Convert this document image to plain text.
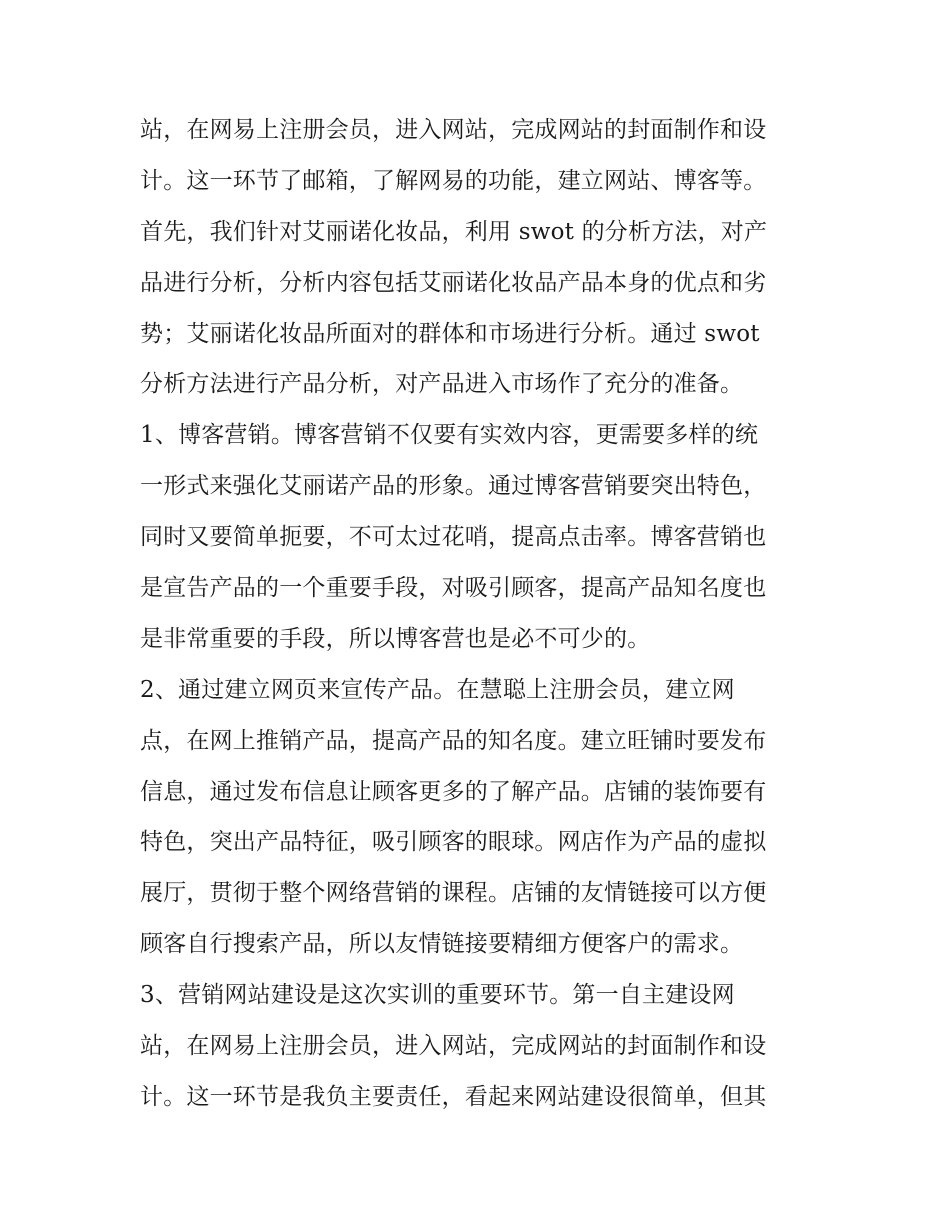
站，在网易上注册会员，进入网站，完成网站的封面制作和设
计。这一环节了邮箱，了解网易的功能，建立网站、博客等。
首先，我们针对艾丽诺化妆品，利用 swot 的分析方法，对产
品进行分析，分析内容包括艾丽诺化妆品产品本身的优点和劣
势；艾丽诺化妆品所面对的群体和市场进行分析。通过 swot
分析方法进行产品分析，对产品进入市场作了充分的准备。
1、博客营销。博客营销不仅要有实效内容，更需要多样的统
一形式来强化艾丽诺产品的形象。通过博客营销要突出特色，
同时又要简单扼要，不可太过花哨，提高点击率。博客营销也
是宣告产品的一个重要手段，对吸引顾客，提高产品知名度也
是非常重要的手段，所以博客营也是必不可少的。
2、通过建立网页来宣传产品。在慧聪上注册会员，建立网
点，在网上推销产品，提高产品的知名度。建立旺铺时要发布
信息，通过发布信息让顾客更多的了解产品。店铺的装饰要有
特色，突出产品特征，吸引顾客的眼球。网店作为产品的虚拟
展厅，贯彻于整个网络营销的课程。店铺的友情链接可以方便
顾客自行搜索产品，所以友情链接要精细方便客户的需求。
3、营销网站建设是这次实训的重要环节。第一自主建设网
站，在网易上注册会员，进入网站，完成网站的封面制作和设
计。这一环节是我负主要责任，看起来网站建设很简单，但其
